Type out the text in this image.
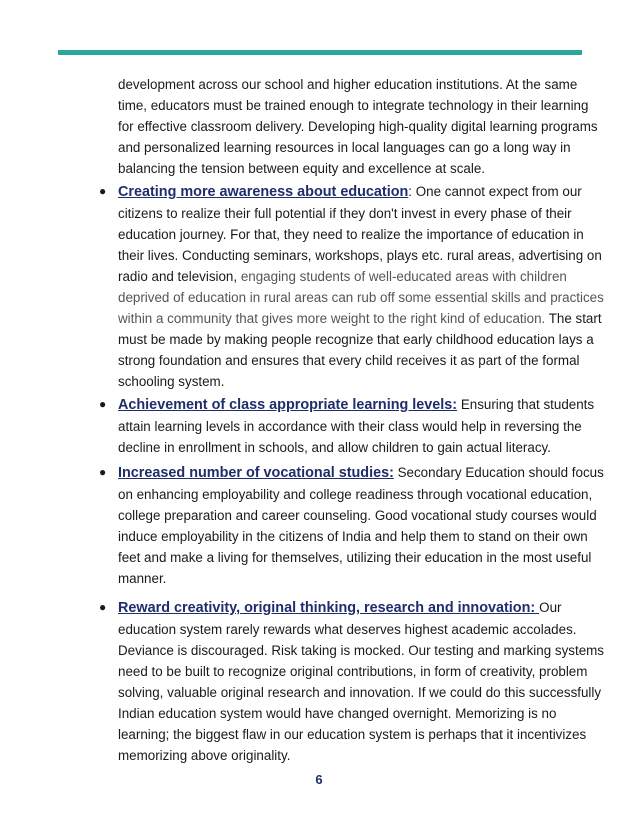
development across our school and higher education institutions. At the same time, educators must be trained enough to integrate technology in their learning for effective classroom delivery. Developing high-quality digital learning programs and personalized learning resources in local languages can go a long way in balancing the tension between equity and excellence at scale.

● Creating more awareness about education: One cannot expect from our citizens to realize their full potential if they don't invest in every phase of their education journey. For that, they need to realize the importance of education in their lives. Conducting seminars, workshops, plays etc. rural areas, advertising on radio and television, engaging students of well-educated areas with children deprived of education in rural areas can rub off some essential skills and practices within a community that gives more weight to the right kind of education. The start must be made by making people recognize that early childhood education lays a strong foundation and ensures that every child receives it as part of the formal schooling system.

● Achievement of class appropriate learning levels: Ensuring that students attain learning levels in accordance with their class would help in reversing the decline in enrollment in schools, and allow children to gain actual literacy.

● Increased number of vocational studies: Secondary Education should focus on enhancing employability and college readiness through vocational education, college preparation and career counseling. Good vocational study courses would induce employability in the citizens of India and help them to stand on their own feet and make a living for themselves, utilizing their education in the most useful manner.

● Reward creativity, original thinking, research and innovation: Our education system rarely rewards what deserves highest academic accolades. Deviance is discouraged. Risk taking is mocked. Our testing and marking systems need to be built to recognize original contributions, in form of creativity, problem solving, valuable original research and innovation. If we could do this successfully Indian education system would have changed overnight. Memorizing is no learning; the biggest flaw in our education system is perhaps that it incentivizes memorizing above originality.

6
